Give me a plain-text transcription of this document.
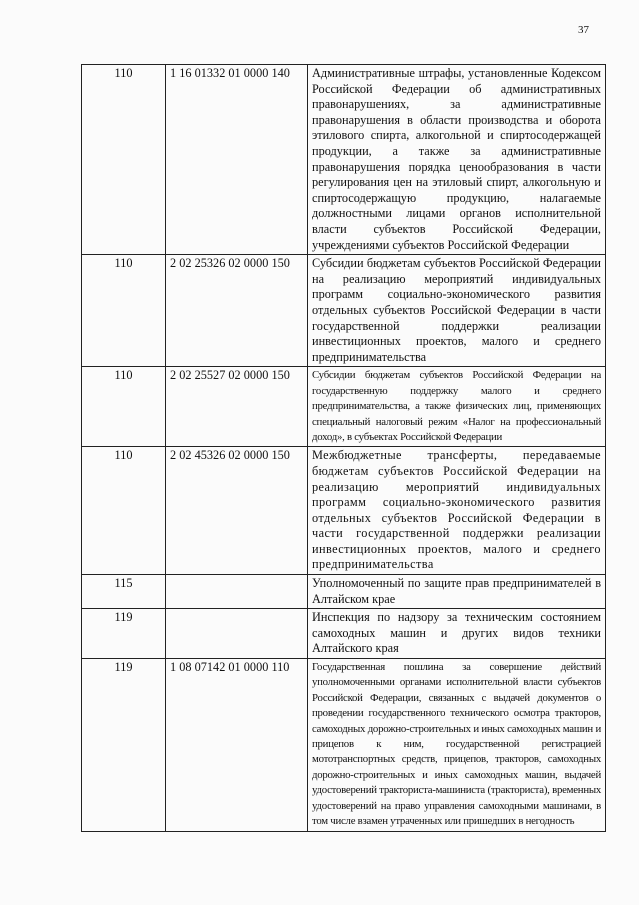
37
110	1 16 01332 01 0000 140	Административные штрафы, установленные Кодексом Российской Федерации об административных правонарушениях, за административные правонарушения в области производства и оборота этилового спирта, алкогольной и спиртосодержащей продукции, а также за административные правонарушения порядка ценообразования в части регулирования цен на этиловый спирт, алкогольную и спиртосодержащую продукцию, налагаемые должностными лицами органов исполнительной власти субъектов Российской Федерации, учреждениями субъектов Российской Федерации
110	2 02 25326 02 0000 150	Субсидии бюджетам субъектов Российской Федерации на реализацию мероприятий индивидуальных программ социально-экономического развития отдельных субъектов Российской Федерации в части государственной поддержки реализации инвестиционных проектов, малого и среднего предпринимательства
110	2 02 25527 02 0000 150	Субсидии бюджетам субъектов Российской Федерации на государственную поддержку малого и среднего предпринимательства, а также физических лиц, применяющих специальный налоговый режим «Налог на профессиональный доход», в субъектах Российской Федерации
110	2 02 45326 02 0000 150	Межбюджетные трансферты, передаваемые бюджетам субъектов Российской Федерации на реализацию мероприятий индивидуальных программ социально-экономического развития отдельных субъектов Российской Федерации в части государственной поддержки реализации инвестиционных проектов, малого и среднего предпринимательства
115		Уполномоченный по защите прав предпринимателей в Алтайском крае
119		Инспекция по надзору за техническим состоянием самоходных машин и других видов техники Алтайского края
119	1 08 07142 01 0000 110	Государственная пошлина за совершение действий уполномоченными органами исполнительной власти субъектов Российской Федерации, связанных с выдачей документов о проведении государственного технического осмотра тракторов, самоходных дорожно-строительных и иных самоходных машин и прицепов к ним, государственной регистрацией мототранспортных средств, прицепов, тракторов, самоходных дорожно-строительных и иных самоходных машин, выдачей удостоверений тракториста-машиниста (тракториста), временных удостоверений на право управления самоходными машинами, в том числе взамен утраченных или пришедших в негодность
